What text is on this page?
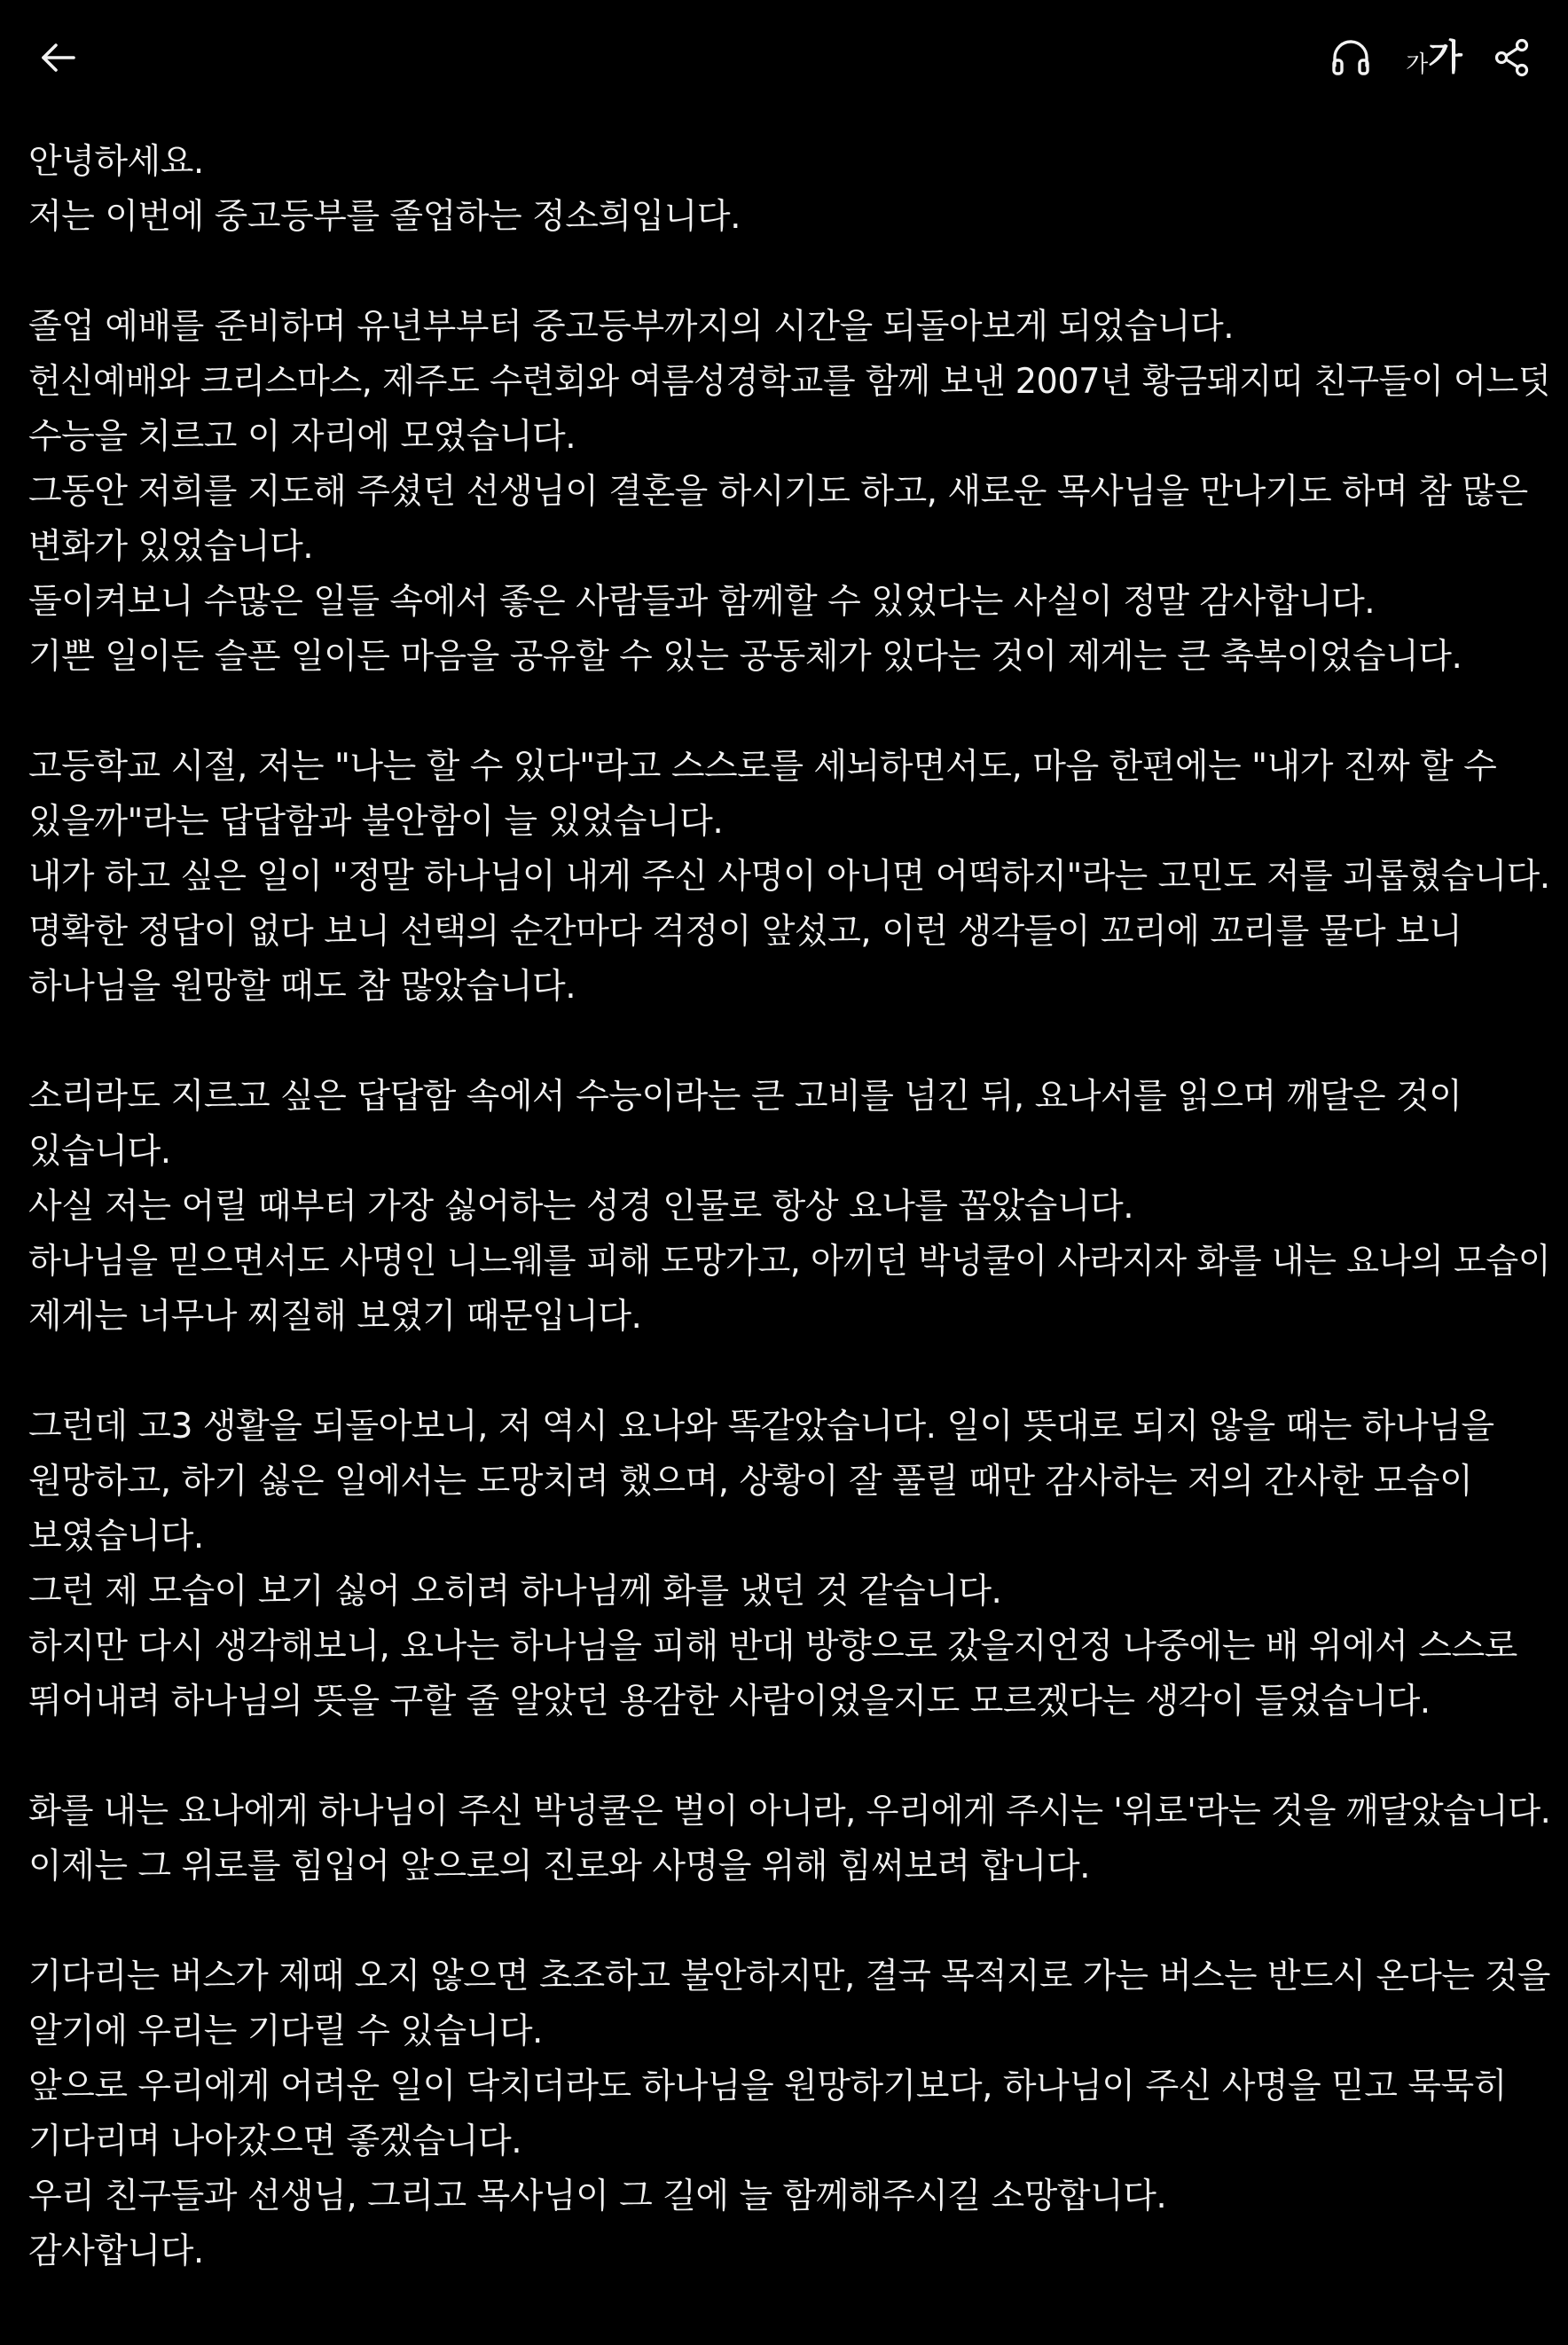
가 가
안녕하세요.
저는 이번에 중고등부를 졸업하는 정소희입니다.
졸업 예배를 준비하며 유년부부터 중고등부까지의 시간을 되돌아보게 되었습니다.
헌신예배와 크리스마스, 제주도 수련회와 여름성경학교를 함께 보낸 2007년 황금돼지띠 친구들이 어느덧
수능을 치르고 이 자리에 모였습니다.
그동안 저희를 지도해 주셨던 선생님이 결혼을 하시기도 하고, 새로운 목사님을 만나기도 하며 참 많은
변화가 있었습니다.
돌이켜보니 수많은 일들 속에서 좋은 사람들과 함께할 수 있었다는 사실이 정말 감사합니다.
기쁜 일이든 슬픈 일이든 마음을 공유할 수 있는 공동체가 있다는 것이 제게는 큰 축복이었습니다.
고등학교 시절, 저는 "나는 할 수 있다"라고 스스로를 세뇌하면서도, 마음 한편에는 "내가 진짜 할 수
있을까"라는 답답함과 불안함이 늘 있었습니다.
내가 하고 싶은 일이 "정말 하나님이 내게 주신 사명이 아니면 어떡하지"라는 고민도 저를 괴롭혔습니다.
명확한 정답이 없다 보니 선택의 순간마다 걱정이 앞섰고, 이런 생각들이 꼬리에 꼬리를 물다 보니
하나님을 원망할 때도 참 많았습니다.
소리라도 지르고 싶은 답답함 속에서 수능이라는 큰 고비를 넘긴 뒤, 요나서를 읽으며 깨달은 것이
있습니다.
사실 저는 어릴 때부터 가장 싫어하는 성경 인물로 항상 요나를 꼽았습니다.
하나님을 믿으면서도 사명인 니느웨를 피해 도망가고, 아끼던 박넝쿨이 사라지자 화를 내는 요나의 모습이
제게는 너무나 찌질해 보였기 때문입니다.
그런데 고3 생활을 되돌아보니, 저 역시 요나와 똑같았습니다. 일이 뜻대로 되지 않을 때는 하나님을
원망하고, 하기 싫은 일에서는 도망치려 했으며, 상황이 잘 풀릴 때만 감사하는 저의 간사한 모습이
보였습니다.
그런 제 모습이 보기 싫어 오히려 하나님께 화를 냈던 것 같습니다.
하지만 다시 생각해보니, 요나는 하나님을 피해 반대 방향으로 갔을지언정 나중에는 배 위에서 스스로
뛰어내려 하나님의 뜻을 구할 줄 알았던 용감한 사람이었을지도 모르겠다는 생각이 들었습니다.
화를 내는 요나에게 하나님이 주신 박넝쿨은 벌이 아니라, 우리에게 주시는 '위로'라는 것을 깨달았습니다.
이제는 그 위로를 힘입어 앞으로의 진로와 사명을 위해 힘써보려 합니다.
기다리는 버스가 제때 오지 않으면 초조하고 불안하지만, 결국 목적지로 가는 버스는 반드시 온다는 것을
알기에 우리는 기다릴 수 있습니다.
앞으로 우리에게 어려운 일이 닥치더라도 하나님을 원망하기보다, 하나님이 주신 사명을 믿고 묵묵히
기다리며 나아갔으면 좋겠습니다.
우리 친구들과 선생님, 그리고 목사님이 그 길에 늘 함께해주시길 소망합니다.
감사합니다.
